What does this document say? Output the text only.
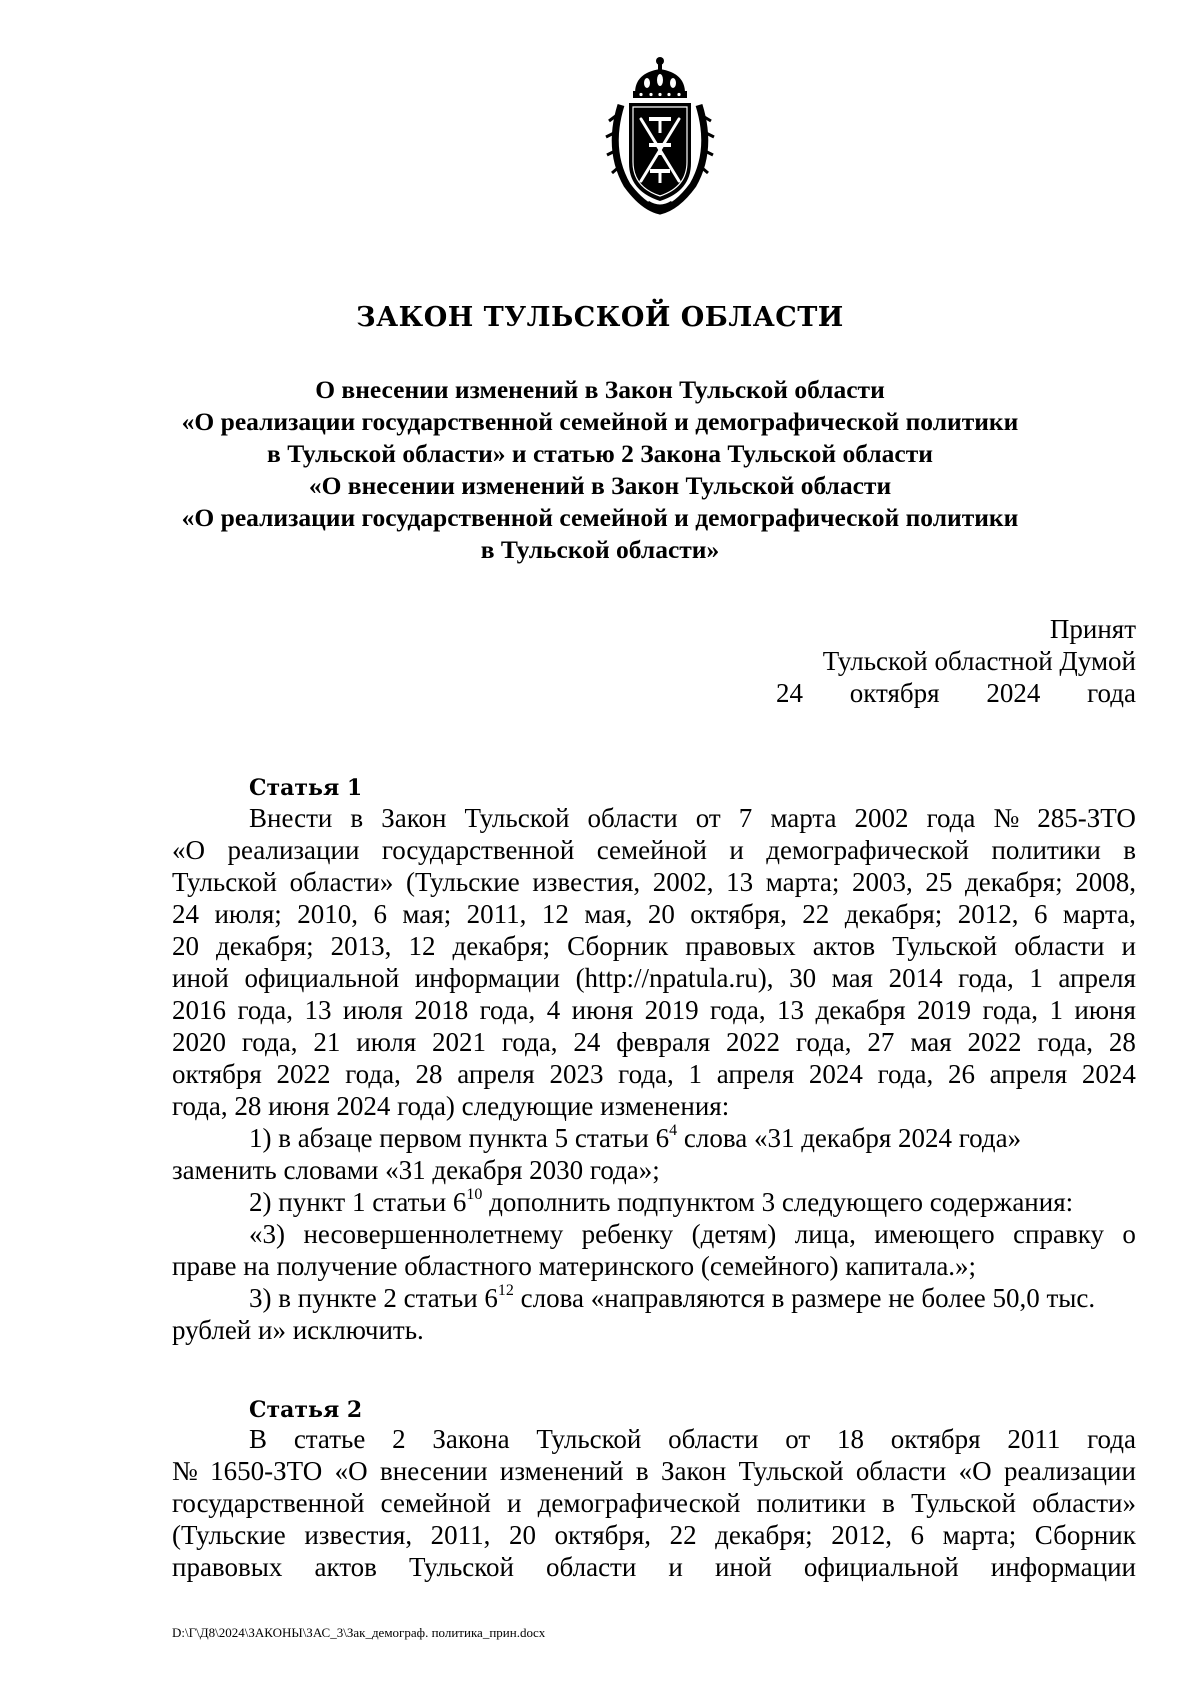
ЗАКОН ТУЛЬСКОЙ ОБЛАСТИ
О внесении изменений в Закон Тульской области
«О реализации государственной семейной и демографической политики
в Тульской области» и статью 2 Закона Тульской области
«О внесении изменений в Закон Тульской области
«О реализации государственной семейной и демографической политики
в Тульской области»
Принят
Тульской областной Думой
24 октября 2024 года
Статья 1
Внести в Закон Тульской области от 7 марта 2002 года № 285-ЗТО
«О реализации государственной семейной и демографической политики в
Тульской области» (Тульские известия, 2002, 13 марта; 2003, 25 декабря; 2008,
24 июля; 2010, 6 мая; 2011, 12 мая, 20 октября, 22 декабря; 2012, 6 марта,
20 декабря; 2013, 12 декабря; Сборник правовых актов Тульской области и
иной официальной информации (http://npatula.ru), 30 мая 2014 года, 1 апреля
2016 года, 13 июля 2018 года, 4 июня 2019 года, 13 декабря 2019 года, 1 июня
2020 года, 21 июля 2021 года, 24 февраля 2022 года, 27 мая 2022 года, 28
октября 2022 года, 28 апреля 2023 года, 1 апреля 2024 года, 26 апреля 2024
года, 28 июня 2024 года) следующие изменения:
1) в абзаце первом пункта 5 статьи $6^4$ слова «31 декабря 2024 года»
заменить словами «31 декабря 2030 года»;
2) пункт 1 статьи $6^{10}$ дополнить подпунктом 3 следующего содержания:
«3) несовершеннолетнему ребенку (детям) лица, имеющего справку о
праве на получение областного материнского (семейного) капитала.»;
3) в пункте 2 статьи $6^{12}$ слова «направляются в размере не более 50,0 тыс.
рублей и» исключить.
Статья 2
В статье 2 Закона Тульской области от 18 октября 2011 года
№ 1650-ЗТО «О внесении изменений в Закон Тульской области «О реализации
государственной семейной и демографической политики в Тульской области»
(Тульские известия, 2011, 20 октября, 22 декабря; 2012, 6 марта; Сборник
правовых актов Тульской области и иной официальной информации
D:\Г\Д8\2024\ЗАКОНЫ\ЗАС_3\Зак_демограф. политика_прин.docx
